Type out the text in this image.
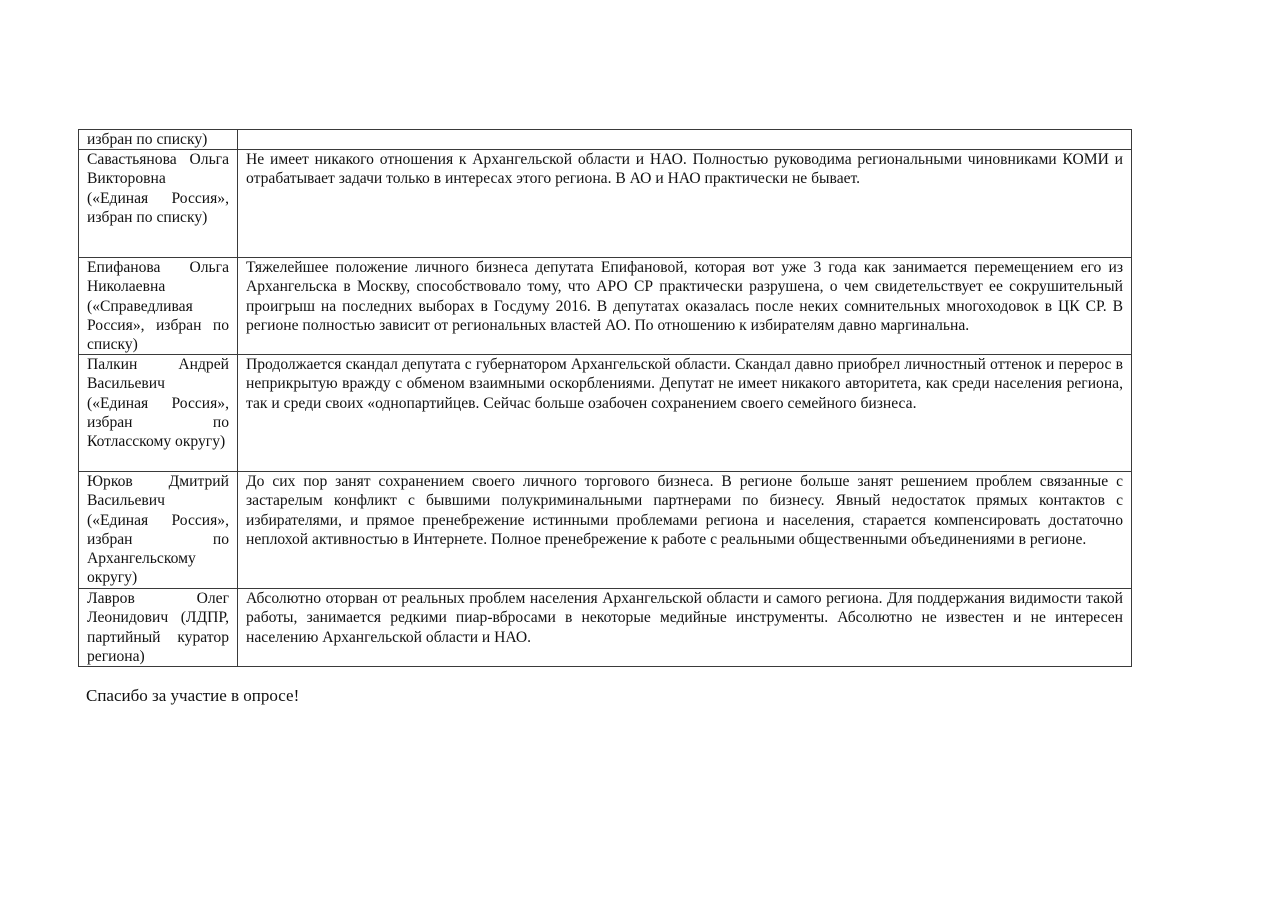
избран по списку)	

Савастьянова Ольга Викторовна («Единая Россия», избран по списку)	Не имеет никакого отношения к Архангельской области и НАО. Полностью руководима региональными чиновниками КОМИ и отрабатывает задачи только в интересах этого региона. В АО и НАО практически не бывает.

Епифанова Ольга Николаевна («Справедливая Россия», избран по списку)	Тяжелейшее положение личного бизнеса депутата Епифановой, которая вот уже 3 года как занимается перемещением его из Архангельска в Москву, способствовало тому, что АРО СР практически разрушена, о чем свидетельствует ее сокрушительный проигрыш на последних выборах в Госдуму 2016. В депутатах оказалась после неких сомнительных многоходовок в ЦК СР. В регионе полностью зависит от региональных властей АО. По отношению к избирателям давно маргинальна.

Палкин Андрей Васильевич («Единая Россия», избран по Котласскому округу)	Продолжается скандал депутата с губернатором Архангельской области. Скандал давно приобрел личностный оттенок и перерос в неприкрытую вражду с обменом взаимными оскорблениями. Депутат не имеет никакого авторитета, как среди населения региона, так и среди своих «однопартийцев. Сейчас больше озабочен сохранением своего семейного бизнеса.

Юрков Дмитрий Васильевич («Единая Россия», избран по Архангельскому округу)	До сих пор занят сохранением своего личного торгового бизнеса. В регионе больше занят решением проблем связанные с застарелым конфликт с бывшими полукриминальными партнерами по бизнесу. Явный недостаток прямых контактов с избирателями, и прямое пренебрежение истинными проблемами региона и населения, старается компенсировать достаточно неплохой активностью в Интернете. Полное пренебрежение к работе с реальными общественными объединениями в регионе.

Лавров Олег Леонидович (ЛДПР, партийный куратор региона)	Абсолютно оторван от реальных проблем населения Архангельской области и самого региона. Для поддержания видимости такой работы, занимается редкими пиар-вбросами в некоторые медийные инструменты. Абсолютно не известен и не интересен населению Архангельской области и НАО.
Спасибо за участие в опросе!
